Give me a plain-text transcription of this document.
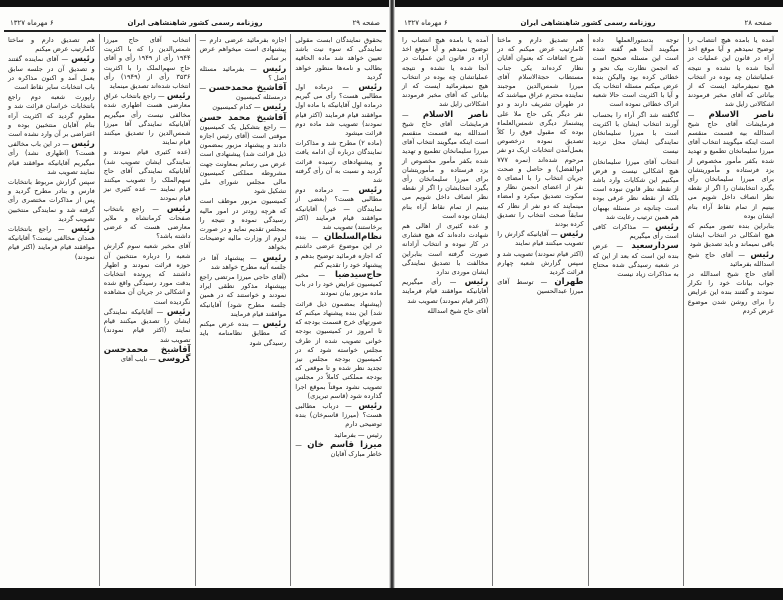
صفحه ۲۹
روزنامه رسمی کشور شاهنشاهی ایران
۶ مهرماه ۱۳۲۷

بحقوق نمایندگان ابست مقولی نمایندگی که سوء نیت باشد تعیین خواهد شد ماده الحاقیه بطالب و نامه‌ها منظور خواهد گردید

رئیس — درماده اول مطالبی هست؟ رأی می گیریم درماده اول آقایانیکه با ماده اول موافقند قیام فرمایند (اکثر قیام نمودند) تصویب شد ماده دوم قرائت میشود

(ماده ۲) مطرح شد و مذاکرات نمایندگان درباره آن ادامه یافت و پیشنهادهای رسیده قرائت گردید و نسبت به آن رأی گرفته شد

رئیس — درماده دوم مطالبی هست؟ (بعضی از نمایندگان — خیر) آقایانیکه موافقند قیام فرمایند (اکثر برخاستند) تصویب شد

نظام‌السلطان — بنده در این موضوع عرضی داشتم که اجازه فرمائید توضیح بدهم و پیشنهاد خود را تقدیم کنم

حاج‌سیدضیا — مخبر کمیسیون عرایض خود را در باب ماده مزبور بیان نمودند

(پیشنهاد بمضمون ذیل قرائت شد) این بنده پیشنهاد میکنم که صورتهای خرج قسمت بودجه که تا امروز در کمیسیون بودجه خوانی تصویب شده از طرف مجلس خواسته شود که در کمیسیون بودجه مجلس نیز تجدید نظر شده و تا موقعی که بودجه مملکتی کاملاً در مجلس تصویب نشود موقتاً بموقع اجرا گذارده شود (قاسم تبریزی)

رئیس — درباب مطالبی هست؟ (میرزا قاسم‌خان) بنده توضیحی دارم

رئیس — بفرمائید

میرزا قاسم خان — خاطر مبارک آقایان

اجازه بفرمائید عرضی دارم — پیشنهادی است میخواهم عرض بر سانم

رئیس — بفرمائید مسئله اصل ؟

آقاشیخ محمدحسن — درمسئله کمیسیون

رئیس — کدام کمیسیون

آقاشیخ محمد حسن — راجع بتشکیل یک کمیسیون موقتی است (آقای رئیس اجازه دادند و پیشنهاد مزبور بمضمون ذیل قرائت شد) پیشنهادی است عرض می رسانم بمعاونت جهت مشروطه مملکتی کمیسیون مالی مجلس شورای ملی تشکیل شود

کمیسیون مزبور موظف است که هرچه زودتر در امور مالیه رسیدگی نموده و نتیجه را بمجلس تقدیم نماید و در صورت لزوم از وزارت مالیه توضیحات بخواهد

رئیس — پیشنهاد آقا در جلسه آتیه مطرح خواهد شد

(آقای حاجی میرزا مرتضی راجع بپیشنهاد مذکور نطقی ایراد نمودند و خواستند که در همین جلسه مطرح شود) آقایانیکه موافقند قیام فرمایند

رئیس — بنده عرض میکنم که مطابق نظامنامه باید رسیدگی شود

انتخاب آقای حاج میرزا شمس‌الدین را که با اکثریت ۱۹۴۴ رأی از ۱۹۴۹ رأی و آقای حاج سهم‌الملک را با اکثریت ۳۵۳۶ رأی از (۱۹۴۹) رأی انتخاب شده‌اند تصدیق مینماید

رئیس — راجع بانتخاب عراق معارضی هست اظهاری شده مخالفی نیست رأی میگیریم آقایانیکه نمایندگی آقا میرزا شمس‌الدین را تصدیق میکنند قیام نمایند

(عده کثیری قیام نمودند و نمایندگی ایشان تصویب شد) آقایانیکه نمایندگی آقای حاج سهم‌الملک را تصویب میکنند قیام نمایند — عده کثیری نیز قیام نمودند

رئیس — راجع بانتخاب صفحات کرمانشاه و ملایر معارضی هست که عرضی داشته باشد؟

آقای مخبر شعبه سوم گزارش شعبه را درباره منتخبین آن حوزه قرائت نمودند و اظهار داشتند که پرونده انتخابات بدقت مورد رسیدگی واقع شده و اشکالی در جریان آن مشاهده نگردیده است

رئیس — آقایانیکه نمایندگی ایشان را تصدیق میکنند قیام نمایند (اکثر قیام نمودند) تصویب شد

آقاشیخ محمدحسن گروسی — نایب آقای

هم تصدیق دارم و ساختا کامارتیب عرض میکنم

رئیس — آقای نماینده گفتند و تصدیق آن در جلسه سابق بعمل آمد و اکنون مذاکره در باب انتخابات سایر نقاط است

راپورت شعبه دوم راجع بانتخابات خراسان قرائت شد و معلوم گردید که اکثریت آراء بنام آقایان منتخبین بوده و اعتراضی بر آن وارد نشده است

رئیس — در این باب مخالفی هست؟ (اظهاری نشد) رأی میگیریم آقایانیکه موافقند قیام نمایند تصویب شد

سپس گزارش مربوط بانتخابات فارس و بنادر مطرح گردید و پس از مذاکرات مختصری رأی گرفته شد و نمایندگی منتخبین تصویب گردید

رئیس — راجع بانتخابات همدان مخالفی نیست؟ آقایانیکه موافقند قیام فرمایند (اکثر قیام نمودند)

صفحه ۲۸
روزنامه رسمی کشور شاهنشاهی ایران
۶ مهرماه ۱۳۲۷

آمده یا بامده هیچ انتصاب را توضیح نمیدهم و آیا موقع اخذ آراء در قانون این عملیات در آنجا شده یا نشده و نتیجه عملیاتشان چه بوده در انتخاب هیچ نمیفرمائید ایست که از بیاناتی که آقای مخبر فرمودند اشکالاتی زایل شد

ناصر الاسلام — فرمایشات آقای حاج شیخ اسدالله بیه قسمت منقسم است اینکه میگویند انتخاب آقای میرزا سلیمانخان تطمیع و تهدید شده بکفر مأمور مخصوص از یزد فرستاده و مأموریتشان برای میرزا سلیمانخان رأی بگیرد انتخابشان را اگر از نقطه نظر انصاف داخل شویم می بینیم از تمام نقاط آراء بنام ایشان بوده

بنابراین بنده تصور میکنم که هیچ اشکالی در انتخاب ایشان باقی نمیماند و باید تصدیق شود

رئیس — آقای حاج شیخ اسدالله بفرمائید

آقای حاج شیخ اسدالله در جواب بیانات خود را تکرار نمودند و گفتند بنده این عرایض را برای روشن شدن موضوع عرض کردم

توجه بدستورالعملها داده میگویند آنجا هم گفته شده است این مسئله صحیح است که انجمن نظارت بیک نحو و خطائی کرده بود والیکن بنده عرض میکنم مسئله انتخاب یک و آیا با اکثریت است حالا شعبه اتراک خطائی نموده است

گاگفته شد اگر آراء را بحساب آورند انتخاب ایشان با اکثریت است با میرزا سلیمانخان نمایندگی ایشان محل تردید نیست

انتخاب آقای میرزا سلیمانخان هیچ اشکالی نیست و فرض میکنیم این شکایات وارد باشد از نقطه نظر قانون نبوده است بلکه از نقطه نظر عرفی بوده است چنانچه در مسئله بهبهان هم همین ترتیب رعایت شد

رئیس — مذاکرات کافی است رأی میگیریم

سردار‌سعید — عرض بنده این است که بعد از این که در شعبه رسیدگی شده محتاج به مذاکرات زیاد نیست

هم تصدیق دارم و ماختا کامارتیب عرض میکنم که در شرح اتفاقات که بعنوان آقایان نظار کرده‌اند یکی جناب مستطاب حجةالاسلام آقای میرزا شمس‌الدین موجبند نماینده محترم عراق میباشند که در طهران تشریف دارند و دو نفر دیگر یکی حاج ملا علی پیشنماز دیگری شمس‌العلماء بوده که مقبول فوق را کلاً تصدیق نموده درخصوص بعمل‌آمدن انتخابات ازیک دو نفر مرحوم شده‌اند (نمره ۷۷۷ ابوالفضل) و حاصل و صحت جریان انتخاب را با امضای ۵ نفر از اعضای انجمن نظار و سکوت تصدیق میکرد و امضاء مینمایند که دو نفر از نظار که سابقاً صحت انتخاب را تصدیق کرده بودند

رئیس — آقایانیکه گزارش را تصویب میکنند قیام نمایند

(اکثر قیام نمودند) تصویب شد و سپس گزارش شعبه چهارم قرائت گردید

طهران — توسط آقای میرزا عبدالحسین

آمده یا بامده هیچ انتصاب را توضیح نمیدهم و آیا موقع اخذ آراء در قانون این عملیات در آنجا شده یا نشده و نتیجه عملیاتشان چه بوده در انتخاب هیچ نمیفرمائید ایست که از بیاناتی که آقای مخبر فرمودند اشکالاتی زایل شد

ناصر الاسلام — فرمایشات آقای حاج شیخ اسدالله بیه قسمت منقسم است اینکه میگویند انتخاب آقای میرزا سلیمانخان تطمیع و تهدید شده بکفر مأمور مخصوص از یزد فرستاده و مأموریتشان برای میرزا سلیمانخان رأی بگیرد انتخابشان را اگر از نقطه نظر انصاف داخل شویم می بینیم از تمام نقاط آراء بنام ایشان بوده است

و عده کثیری از اهالی هم شهادت داده‌اند که هیچ فشاری در کار نبوده و انتخاب آزادانه صورت گرفته است بنابراین مخالفت با تصدیق نمایندگی ایشان موردی ندارد

رئیس — رأی میگیریم آقایانیکه موافقند قیام فرمایند (اکثر قیام نمودند) تصویب شد

آقای حاج شیخ اسدالله
